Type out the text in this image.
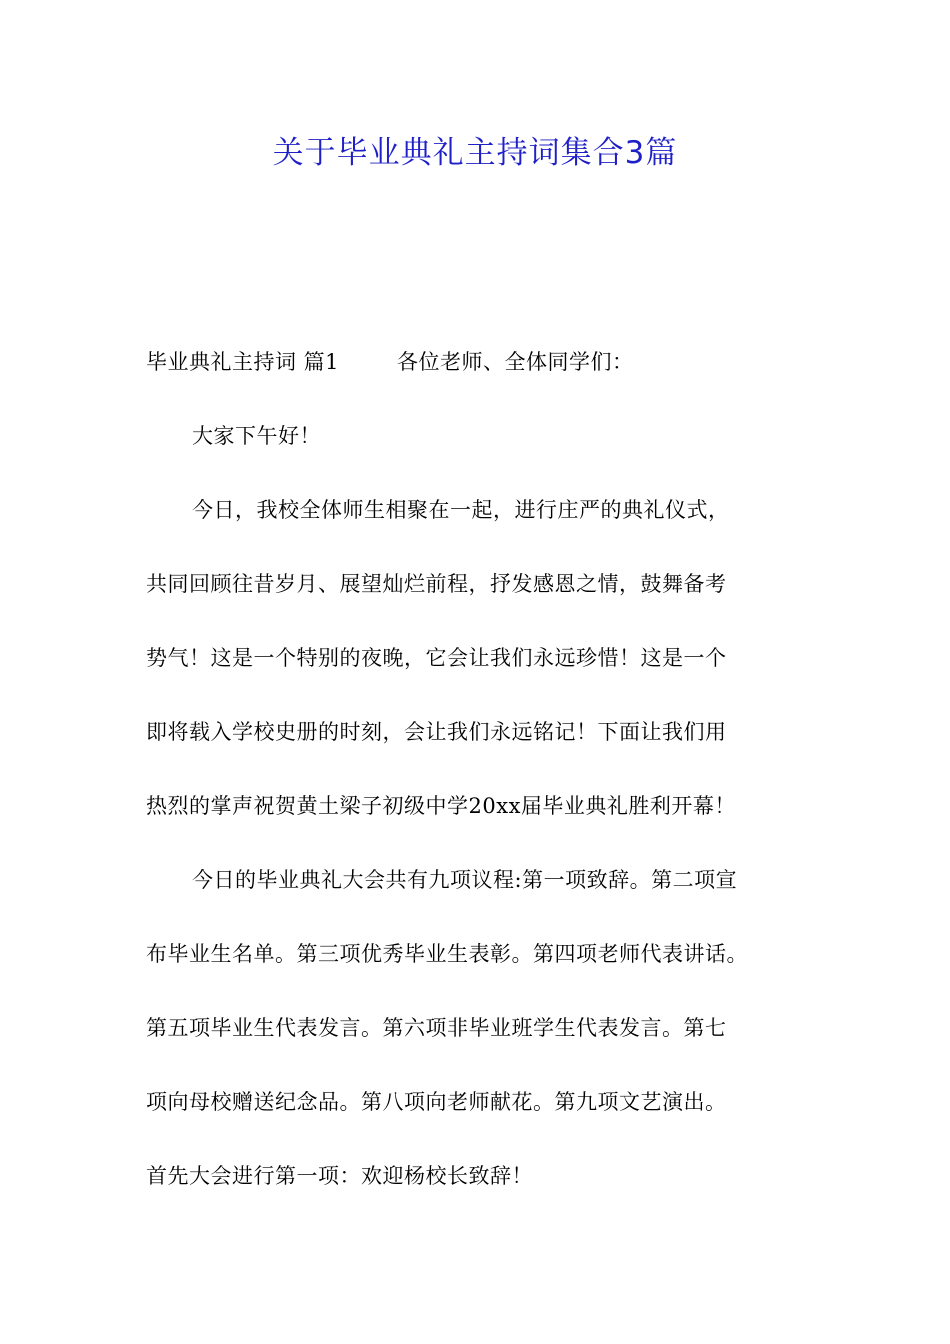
关于毕业典礼主持词集合3篇
毕业典礼主持词 篇1	各位老师、全体同学们：
大家下午好！
今日，我校全体师生相聚在一起，进行庄严的典礼仪式，
共同回顾往昔岁月、展望灿烂前程，抒发感恩之情，鼓舞备考
势气！这是一个特别的夜晚，它会让我们永远珍惜！这是一个
即将载入学校史册的时刻，会让我们永远铭记！下面让我们用
热烈的掌声祝贺黄土梁子初级中学20xx届毕业典礼胜利开幕！
今日的毕业典礼大会共有九项议程:第一项致辞。第二项宣
布毕业生名单。第三项优秀毕业生表彰。第四项老师代表讲话。
第五项毕业生代表发言。第六项非毕业班学生代表发言。第七
项向母校赠送纪念品。第八项向老师献花。第九项文艺演出。
首先大会进行第一项：欢迎杨校长致辞！
